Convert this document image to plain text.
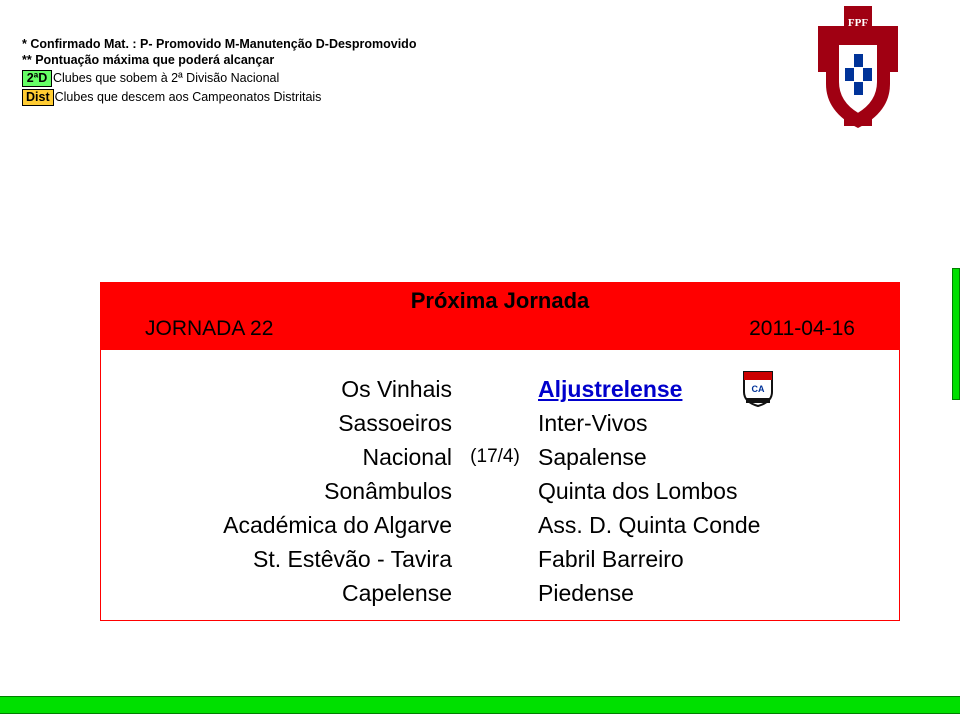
* Confirmado Mat. : P- Promovido M-Manutenção D-Despromovido
** Pontuação máxima que poderá alcançar
2ªD Clubes que sobem à 2ª Divisão Nacional
Dist Clubes que descem aos Campeonatos Distritais
FPF
Próxima Jornada
JORNADA 22	2011-04-16
Os Vinhais	Aljustrelense	CA
Sassoeiros	Inter-Vivos
Nacional (17/4) Sapalense
Sonâmbulos	Quinta dos Lombos
Académica do Algarve	Ass. D. Quinta Conde
St. Estêvão - Tavira	Fabril Barreiro
Capelense	Piedense
